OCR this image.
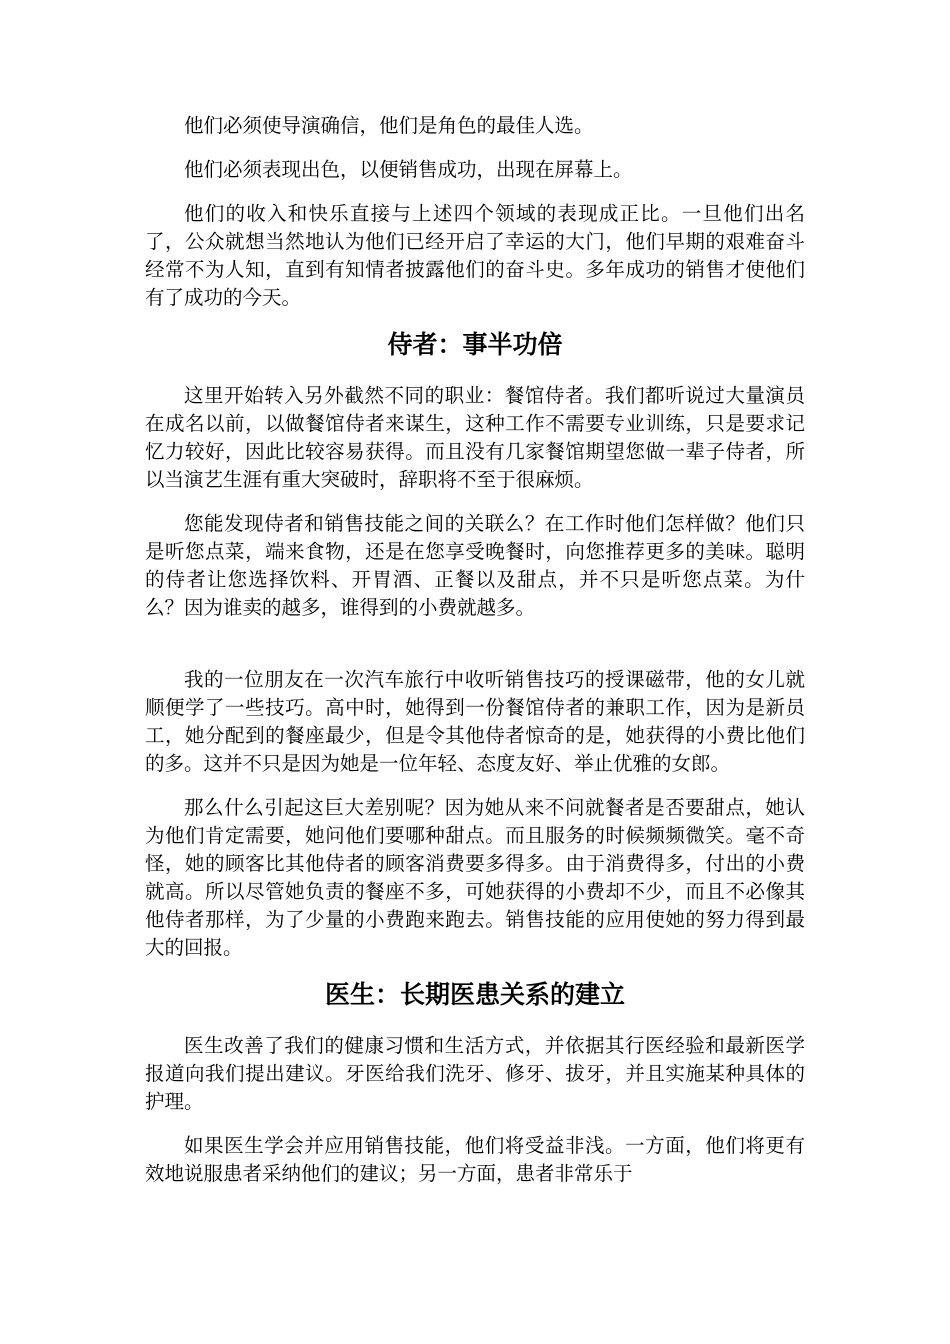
他们必须使导演确信，他们是角色的最佳人选。

他们必须表现出色，以便销售成功，出现在屏幕上。

他们的收入和快乐直接与上述四个领域的表现成正比。一旦他们出名了，公众就想当然地认为他们已经开启了幸运的大门，他们早期的艰难奋斗经常不为人知，直到有知情者披露他们的奋斗史。多年成功的销售才使他们有了成功的今天。

侍者：事半功倍

这里开始转入另外截然不同的职业：餐馆侍者。我们都听说过大量演员在成名以前，以做餐馆侍者来谋生，这种工作不需要专业训练，只是要求记忆力较好，因此比较容易获得。而且没有几家餐馆期望您做一辈子侍者，所以当演艺生涯有重大突破时，辞职将不至于很麻烦。

您能发现侍者和销售技能之间的关联么？在工作时他们怎样做？他们只是听您点菜，端来食物，还是在您享受晚餐时，向您推荐更多的美味。聪明的侍者让您选择饮料、开胃酒、正餐以及甜点，并不只是听您点菜。为什么？因为谁卖的越多，谁得到的小费就越多。

我的一位朋友在一次汽车旅行中收听销售技巧的授课磁带，他的女儿就顺便学了一些技巧。高中时，她得到一份餐馆侍者的兼职工作，因为是新员工，她分配到的餐座最少，但是令其他侍者惊奇的是，她获得的小费比他们的多。这并不只是因为她是一位年轻、态度友好、举止优雅的女郎。

那么什么引起这巨大差别呢？因为她从来不问就餐者是否要甜点，她认为他们肯定需要，她问他们要哪种甜点。而且服务的时候频频微笑。毫不奇怪，她的顾客比其他侍者的顾客消费要多得多。由于消费得多，付出的小费就高。所以尽管她负责的餐座不多，可她获得的小费却不少，而且不必像其他侍者那样，为了少量的小费跑来跑去。销售技能的应用使她的努力得到最大的回报。

医生：长期医患关系的建立

医生改善了我们的健康习惯和生活方式，并依据其行医经验和最新医学报道向我们提出建议。牙医给我们洗牙、修牙、拔牙，并且实施某种具体的护理。

如果医生学会并应用销售技能，他们将受益非浅。一方面，他们将更有效地说服患者采纳他们的建议；另一方面，患者非常乐于
